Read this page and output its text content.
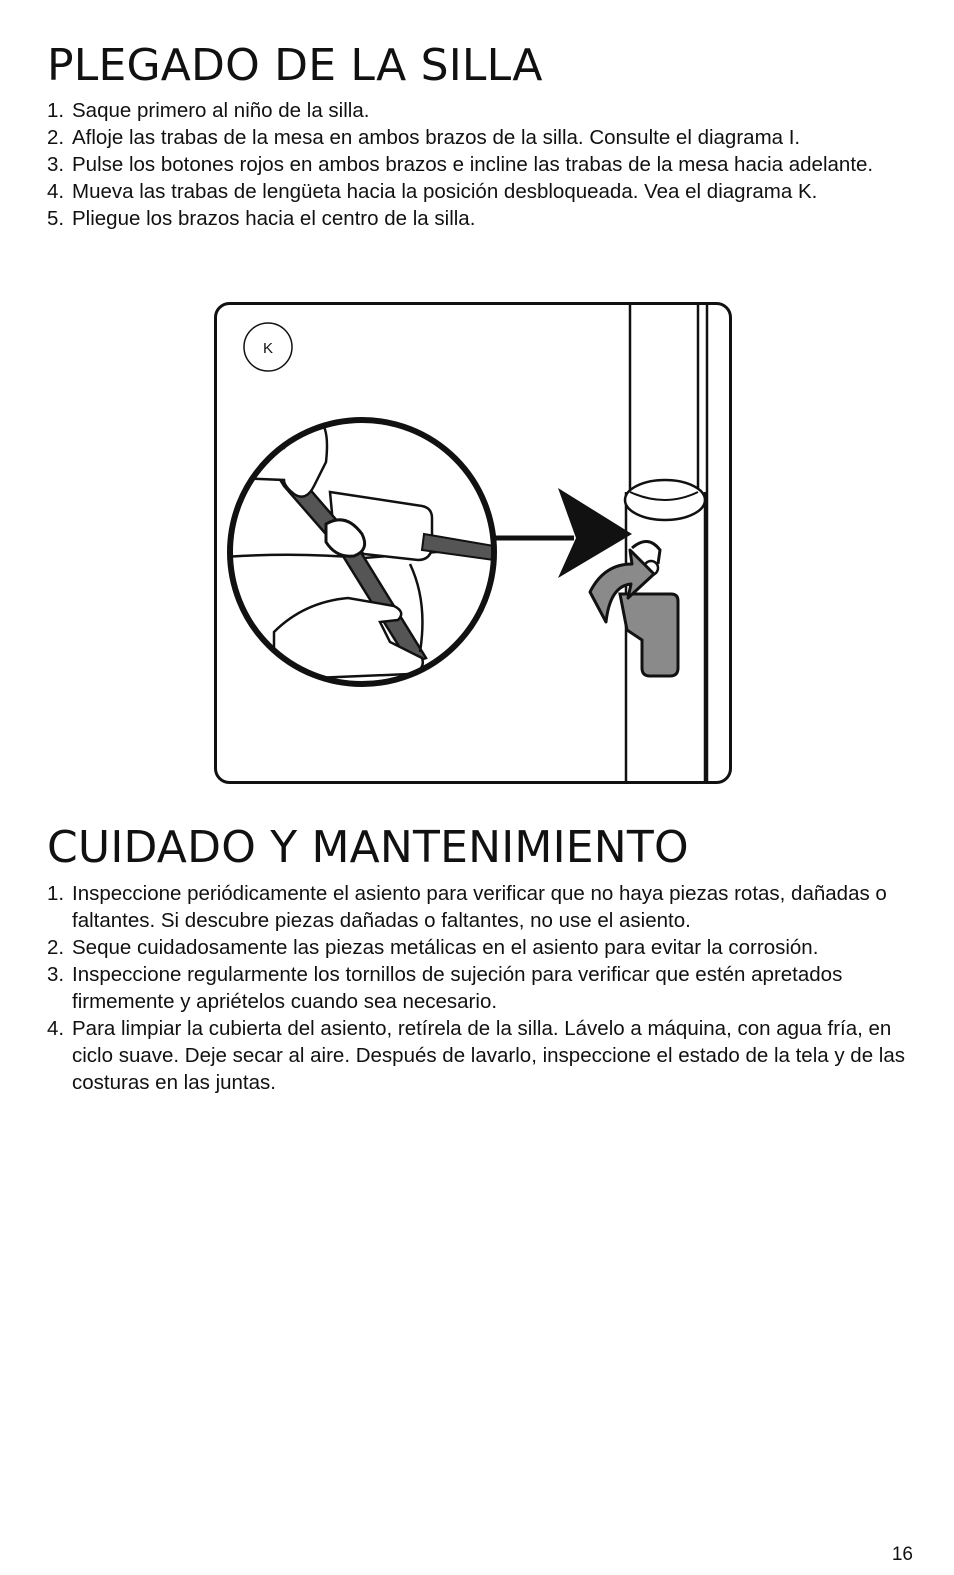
PLEGADO DE LA SILLA
1. Saque primero al niño de la silla.
2. Afloje las trabas de la mesa en ambos brazos de la silla. Consulte el diagrama I.
3. Pulse los botones rojos en ambos brazos e incline las trabas de la mesa hacia adelante.
4. Mueva las trabas de lengüeta hacia la posición desbloqueada. Vea el diagrama K.
5. Pliegue los brazos hacia el centro de la silla.
K
CUIDADO Y MANTENIMIENTO
1. Inspeccione periódicamente el asiento para verificar que no haya piezas rotas, dañadas o faltantes. Si descubre piezas dañadas o faltantes, no use el asiento.
2. Seque cuidadosamente las piezas metálicas en el asiento para evitar la corrosión.
3. Inspeccione regularmente los tornillos de sujeción para verificar que estén apretados firmemente y apriételos cuando sea necesario.
4. Para limpiar la cubierta del asiento, retírela de la silla. Lávelo a máquina, con agua fría, en ciclo suave. Deje secar al aire. Después de lavarlo, inspeccione el estado de la tela y de las costuras en las juntas.
16
